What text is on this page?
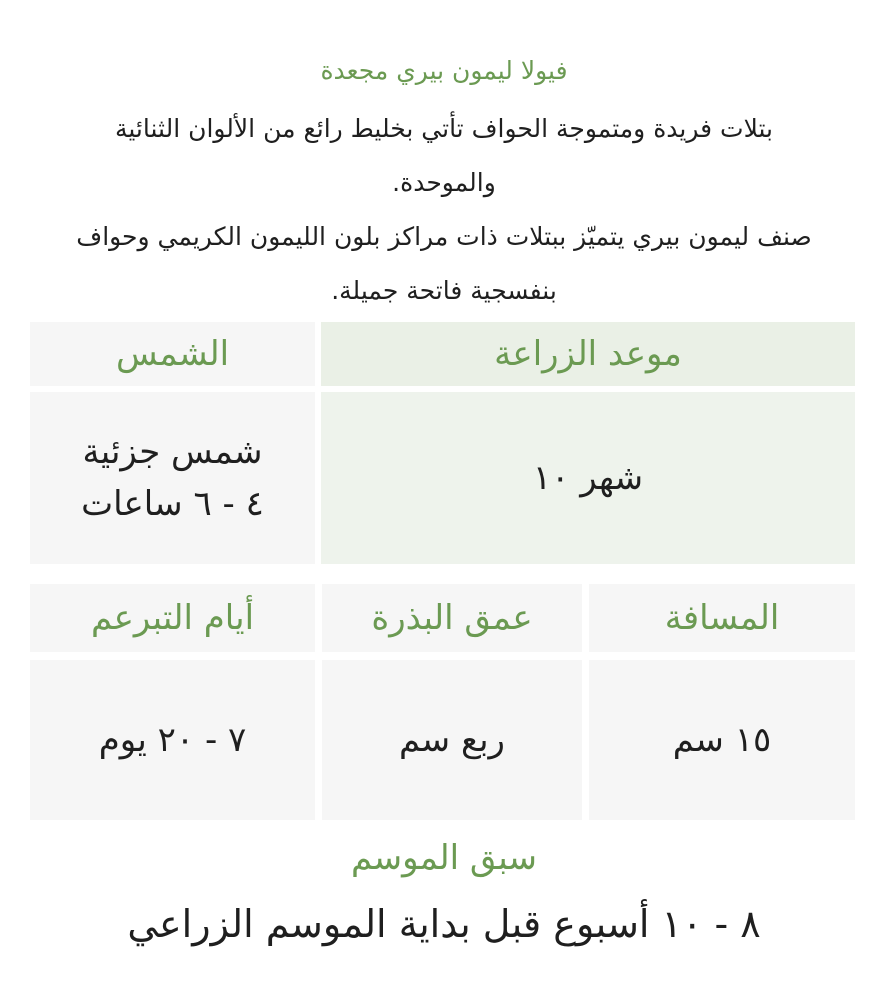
فيولا ليمون بيري مجعدة
بتلات فريدة ومتموجة الحواف تأتي بخليط رائع من الألوان الثنائية والموحدة.
صنف ليمون بيري يتميّز ببتلات ذات مراكز بلون الليمون الكريمي وحواف بنفسجية فاتحة جميلة.
موعد الزراعة
الشمس
شهر ١٠
شمس جزئية
٤ - ٦ ساعات
المسافة
عمق البذرة
أيام التبرعم
١٥ سم
ربع سم
٧ - ٢٠ يوم
سبق الموسم
٨ - ١٠ أسبوع قبل بداية الموسم الزراعي
